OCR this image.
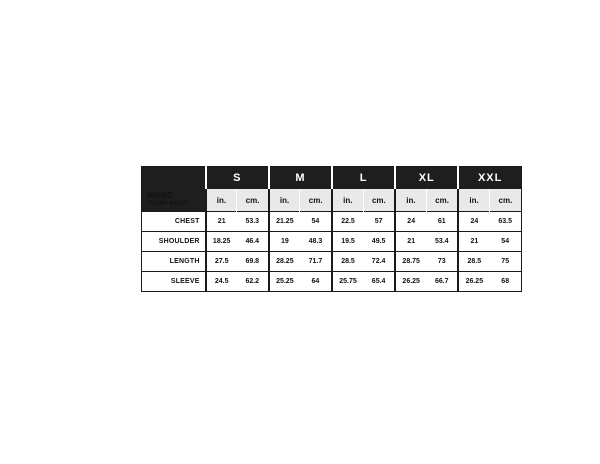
	S		M		L		XL		XXL	

WKND
TERRY POLO	in.	cm.	in.	cm.	in.	cm.	in.	cm.	in.	cm.
CHEST	21	53.3	21.25	54	22.5	57	24	61	24	63.5
SHOULDER	18.25	46.4	19	48.3	19.5	49.5	21	53.4	21	54
LENGTH	27.5	69.8	28.25	71.7	28.5	72.4	28.75	73	28.5	75
SLEEVE	24.5	62.2	25.25	64	25.75	65.4	26.25	66.7	26.25	68
